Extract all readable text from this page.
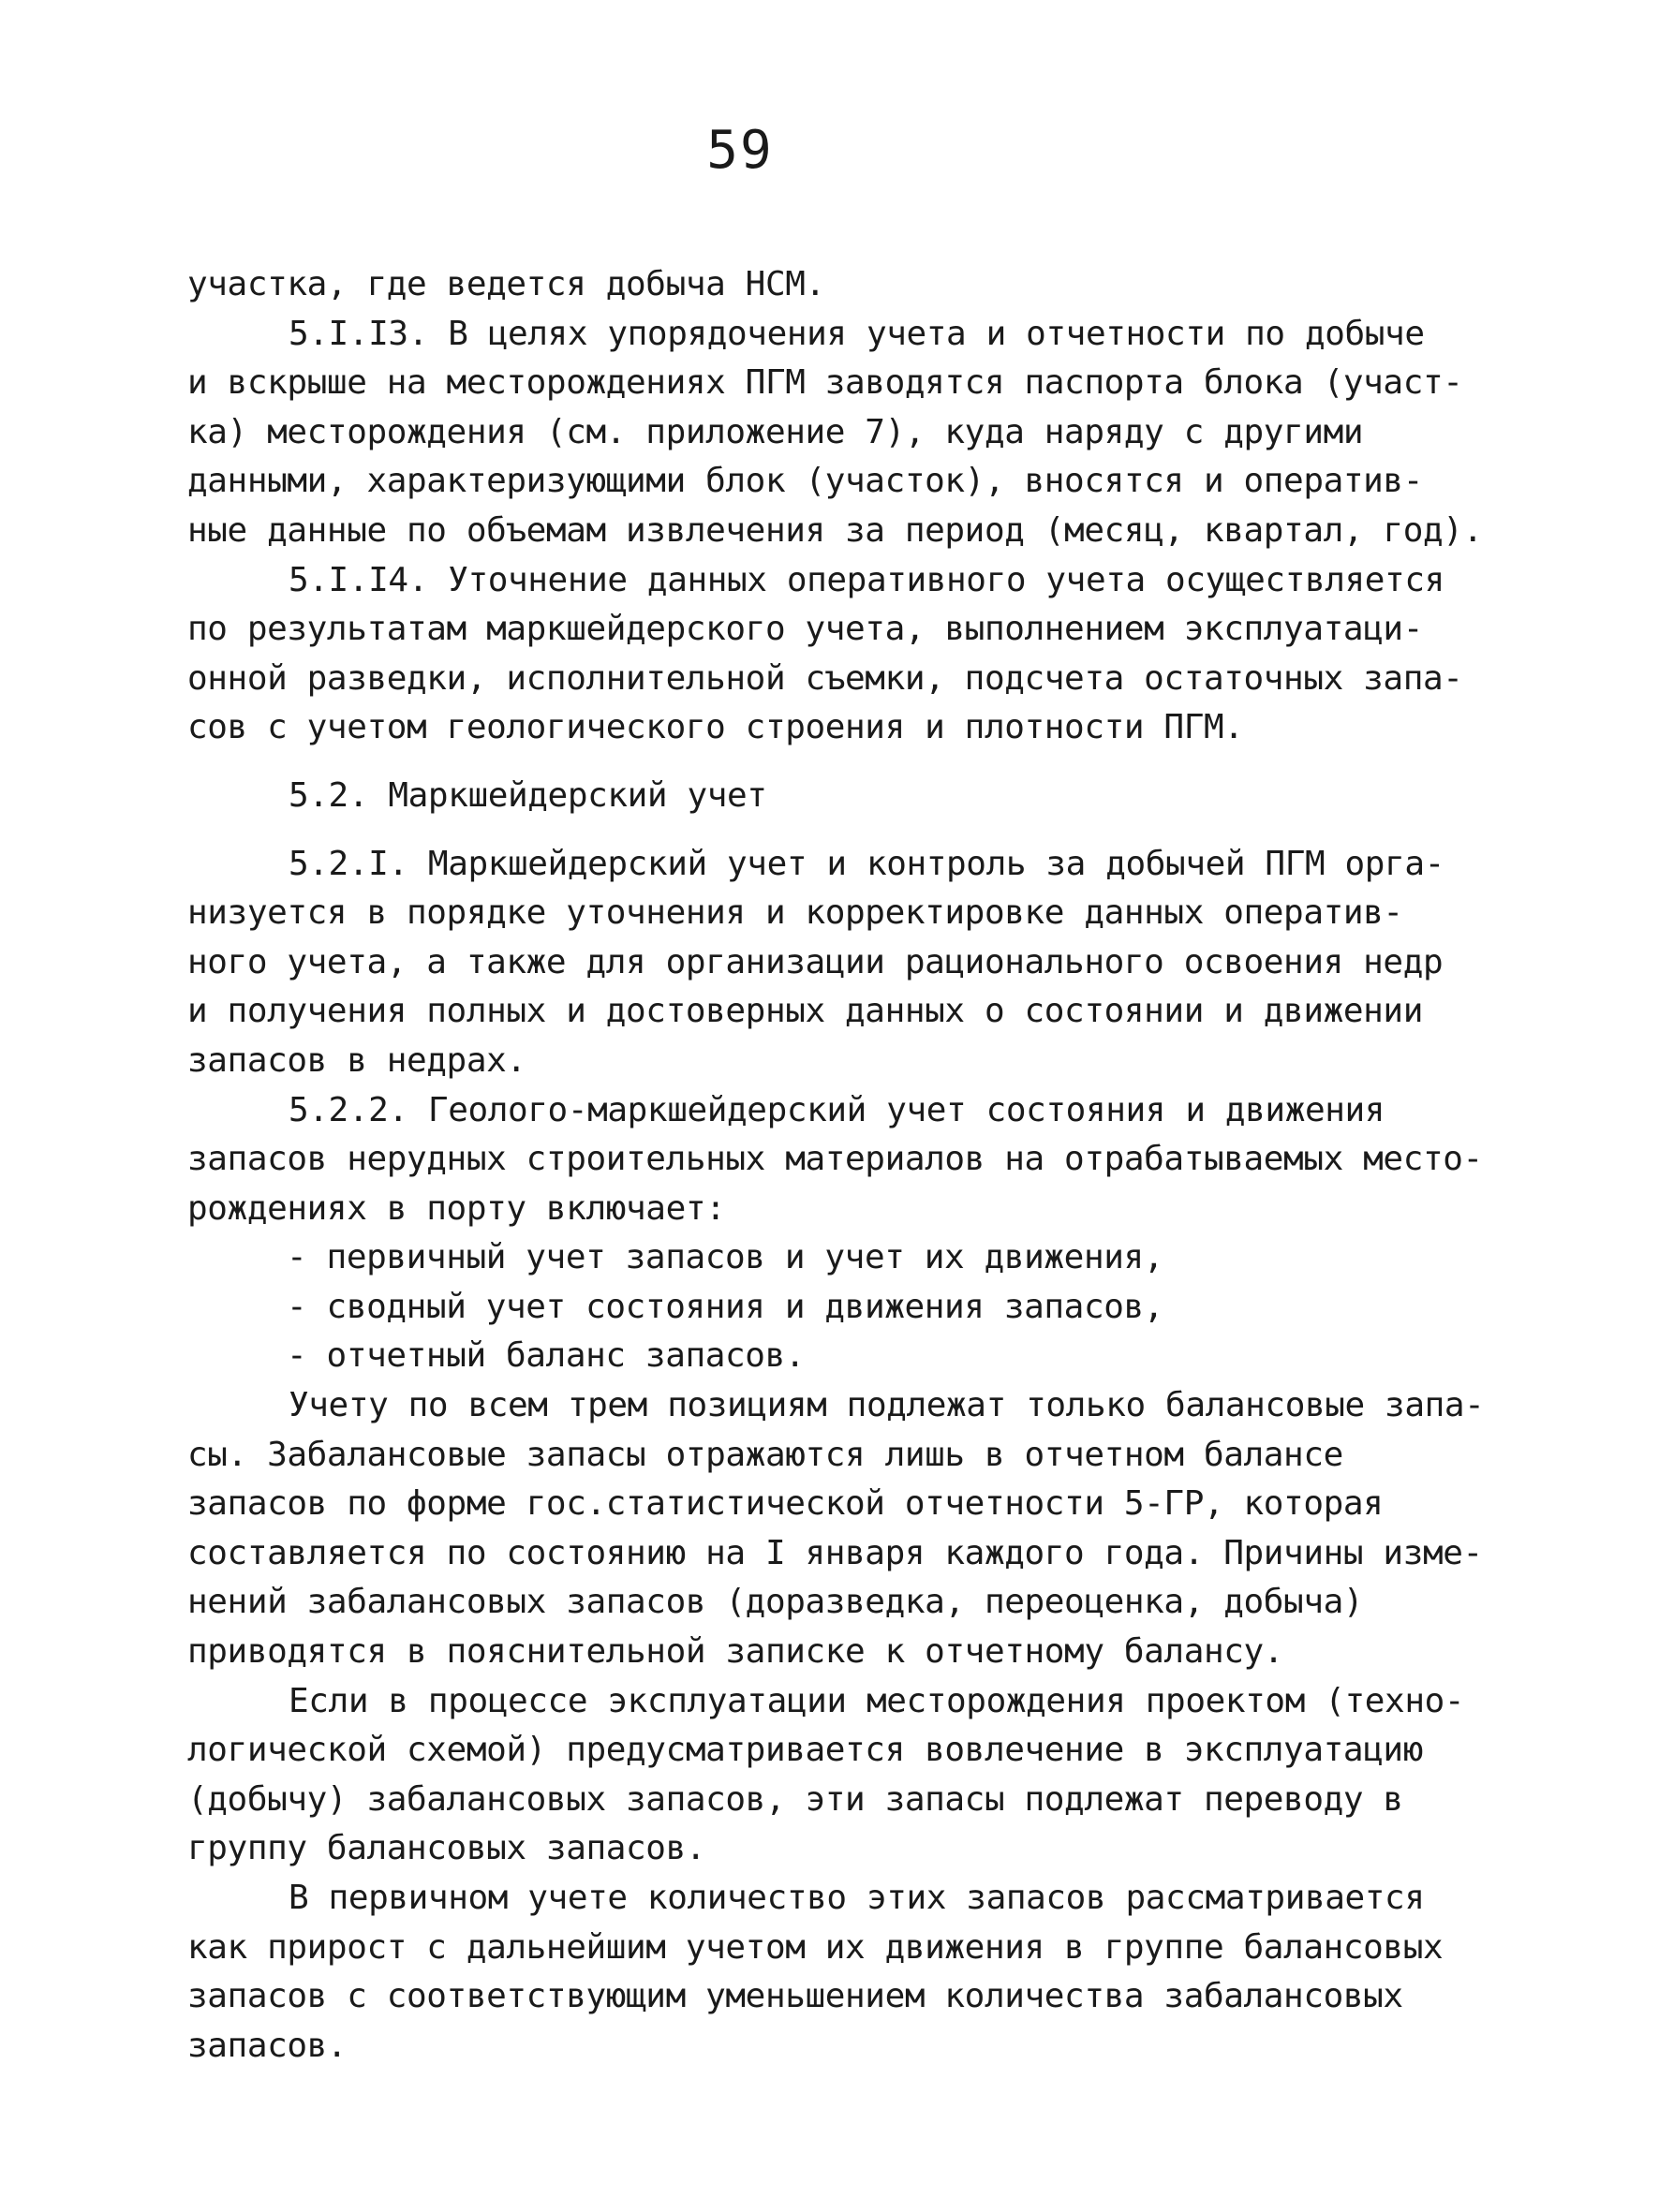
59
участка, где ведется добыча НСМ.
5.I.I3. В целях упорядочения учета и отчетности по добыче
и вскрыше на месторождениях ПГМ заводятся паспорта блока (участ-
ка) месторождения (см. приложение 7), куда наряду с другими
данными, характеризующими блок (участок), вносятся и оператив-
ные данные по объемам извлечения за период (месяц, квартал, год).
5.I.I4. Уточнение данных оперативного учета осуществляется
по результатам маркшейдерского учета, выполнением эксплуатаци-
онной разведки, исполнительной съемки, подсчета остаточных запа-
сов с учетом геологического строения и плотности ПГМ.
5.2. Маркшейдерский учет
5.2.I. Маркшейдерский учет и контроль за добычей ПГМ орга-
низуется в порядке уточнения и корректировке данных оператив-
ного учета, а также для организации рационального освоения недр
и получения полных и достоверных данных о состоянии и движении
запасов в недрах.
5.2.2. Геолого-маркшейдерский учет состояния и движения
запасов нерудных строительных материалов на отрабатываемых место-
рождениях в порту включает:
- первичный учет запасов и учет их движения,
- сводный учет состояния и движения запасов,
- отчетный баланс запасов.
Учету по всем трем позициям подлежат только балансовые запа-
сы. Забалансовые запасы отражаются лишь в отчетном балансе
запасов по форме гос.статистической отчетности 5-ГР, которая
составляется по состоянию на I января каждого года. Причины изме-
нений забалансовых запасов (доразведка, переоценка, добыча)
приводятся в пояснительной записке к отчетному балансу.
Если в процессе эксплуатации месторождения проектом (техно-
логической схемой) предусматривается вовлечение в эксплуатацию
(добычу) забалансовых запасов, эти запасы подлежат переводу в
группу балансовых запасов.
В первичном учете количество этих запасов рассматривается
как прирост с дальнейшим учетом их движения в группе балансовых
запасов с соответствующим уменьшением количества забалансовых
запасов.
